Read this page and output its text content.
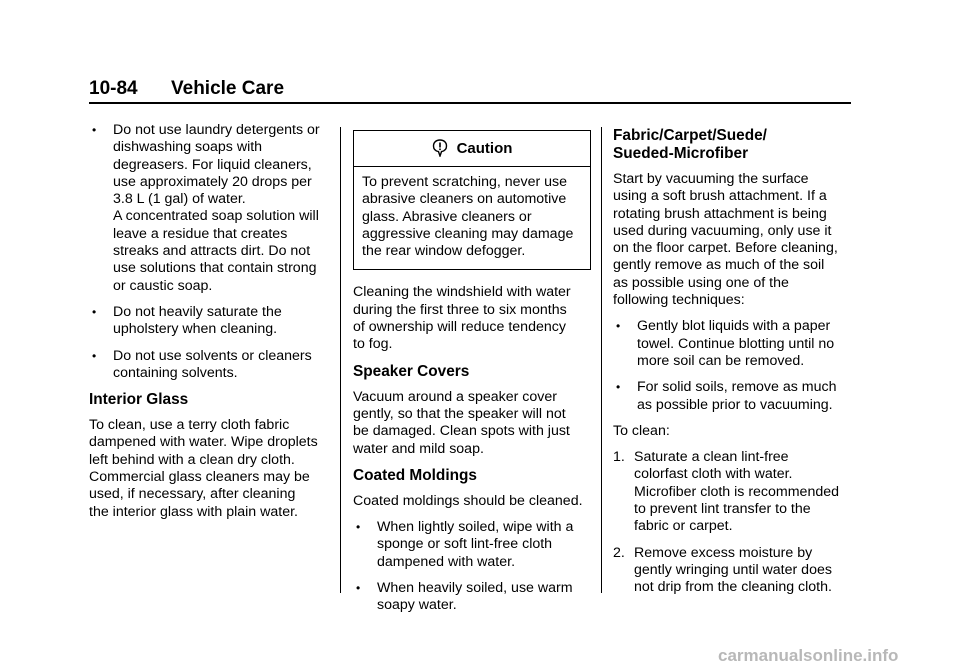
10-84 Vehicle Care
• Do not use laundry detergents or
dishwashing soaps with
degreasers. For liquid cleaners,
use approximately 20 drops per
3.8 L (1 gal) of water.
A concentrated soap solution will
leave a residue that creates
streaks and attracts dirt. Do not
use solutions that contain strong
or caustic soap.
• Do not heavily saturate the
upholstery when cleaning.
• Do not use solvents or cleaners
containing solvents.
Interior Glass

To clean, use a terry cloth fabric
dampened with water. Wipe droplets
left behind with a clean dry cloth.
Commercial glass cleaners may be
used, if necessary, after cleaning
the interior glass with plain water.

Caution
To prevent scratching, never use
abrasive cleaners on automotive
glass. Abrasive cleaners or
aggressive cleaning may damage
the rear window defogger.

Cleaning the windshield with water
during the first three to six months
of ownership will reduce tendency
to fog.

Speaker Covers

Vacuum around a speaker cover
gently, so that the speaker will not
be damaged. Clean spots with just
water and mild soap.

Coated Moldings

Coated moldings should be cleaned.

• When lightly soiled, wipe with a
sponge or soft lint-free cloth
dampened with water.
• When heavily soiled, use warm
soapy water.
Fabric/Carpet/Suede/
Sueded-Microfiber

Start by vacuuming the surface
using a soft brush attachment. If a
rotating brush attachment is being
used during vacuuming, only use it
on the floor carpet. Before cleaning,
gently remove as much of the soil
as possible using one of the
following techniques:

• Gently blot liquids with a paper
towel. Continue blotting until no
more soil can be removed.
• For solid soils, remove as much
as possible prior to vacuuming.

To clean:

1. Saturate a clean lint-free
colorfast cloth with water.
Microfiber cloth is recommended
to prevent lint transfer to the
fabric or carpet.
2. Remove excess moisture by
gently wringing until water does
not drip from the cleaning cloth.
carmanualsonline.info
